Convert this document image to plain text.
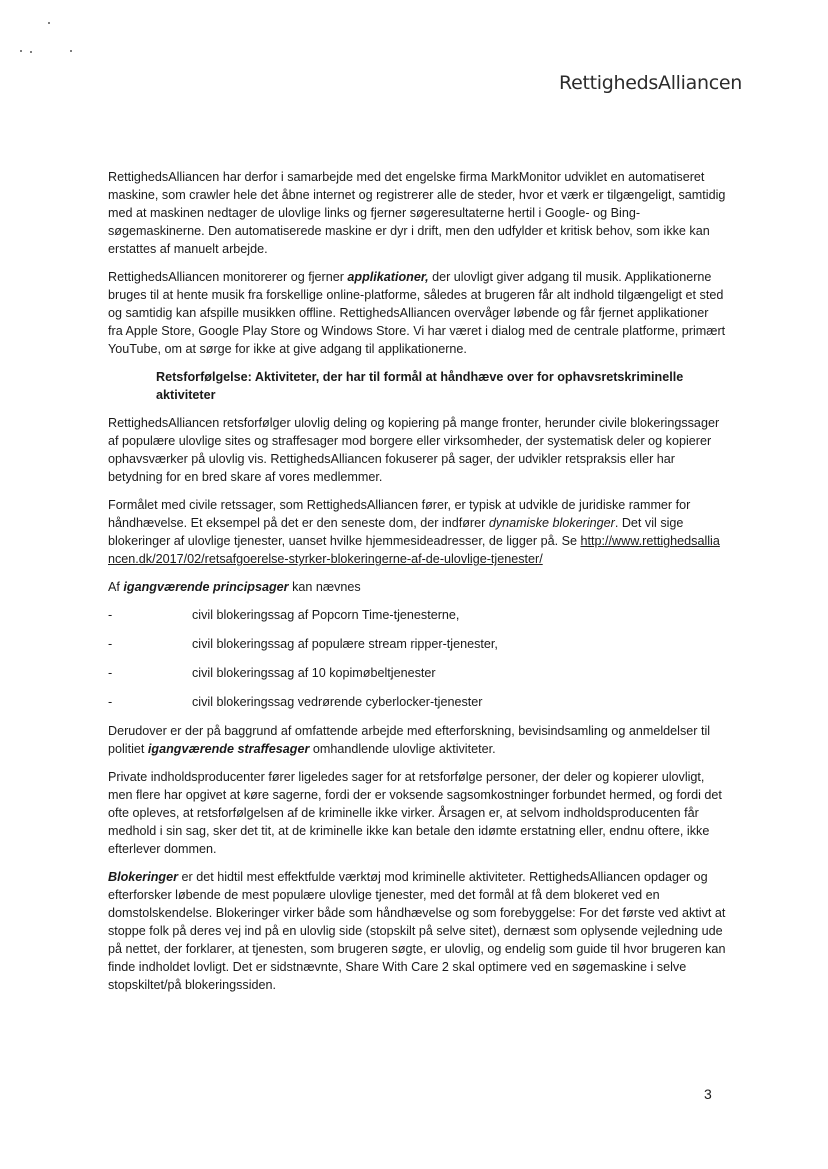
RettighedsAlliancen

RettighedsAlliancen har derfor i samarbejde med det engelske firma MarkMonitor udviklet en automatiseret maskine, som crawler hele det åbne internet og registrerer alle de steder, hvor et værk er tilgængeligt, samtidig med at maskinen nedtager de ulovlige links og fjerner søgeresultaterne hertil i Google- og Bing-søgemaskinerne. Den automatiserede maskine er dyr i drift, men den udfylder et kritisk behov, som ikke kan erstattes af manuelt arbejde.

RettighedsAlliancen monitorerer og fjerner applikationer, der ulovligt giver adgang til musik. Applikationerne bruges til at hente musik fra forskellige online-platforme, således at brugeren får alt indhold tilgængeligt et sted og samtidig kan afspille musikken offline. RettighedsAlliancen overvåger løbende og får fjernet applikationer fra Apple Store, Google Play Store og Windows Store. Vi har været i dialog med de centrale platforme, primært YouTube, om at sørge for ikke at give adgang til applikationerne.

Retsforfølgelse: Aktiviteter, der har til formål at håndhæve over for ophavsretskriminelle aktiviteter

RettighedsAlliancen retsforfølger ulovlig deling og kopiering på mange fronter, herunder civile blokeringssager af populære ulovlige sites og straffesager mod borgere eller virksomheder, der systematisk deler og kopierer ophavsværker på ulovlig vis. RettighedsAlliancen fokuserer på sager, der udvikler retspraksis eller har betydning for en bred skare af vores medlemmer.

Formålet med civile retssager, som RettighedsAlliancen fører, er typisk at udvikle de juridiske rammer for håndhævelse. Et eksempel på det er den seneste dom, der indfører dynamiske blokeringer. Det vil sige blokeringer af ulovlige tjenester, uanset hvilke hjemmesideadresser, de ligger på. Se http://www.rettighedsalliancen.dk/2017/02/retsafgoerelse-styrker-blokeringerne-af-de-ulovlige-tjenester/

Af igangværende principsager kan nævnes

-	civil blokeringssag af Popcorn Time-tjenesterne,
-	civil blokeringssag af populære stream ripper-tjenester,
-	civil blokeringssag af 10 kopimøbeltjenester
-	civil blokeringssag vedrørende cyberlocker-tjenester

Derudover er der på baggrund af omfattende arbejde med efterforskning, bevisindsamling og anmeldelser til politiet igangværende straffesager omhandlende ulovlige aktiviteter.

Private indholdsproducenter fører ligeledes sager for at retsforfølge personer, der deler og kopierer ulovligt, men flere har opgivet at køre sagerne, fordi der er voksende sagsomkostninger forbundet hermed, og fordi det ofte opleves, at retsforfølgelsen af de kriminelle ikke virker. Årsagen er, at selvom indholdsproducenten får medhold i sin sag, sker det tit, at de kriminelle ikke kan betale den idømte erstatning eller, endnu oftere, ikke efterlever dommen.

Blokeringer er det hidtil mest effektfulde værktøj mod kriminelle aktiviteter. RettighedsAlliancen opdager og efterforsker løbende de mest populære ulovlige tjenester, med det formål at få dem blokeret ved en domstolskendelse. Blokeringer virker både som håndhævelse og som forebyggelse: For det første ved aktivt at stoppe folk på deres vej ind på en ulovlig side (stopskilt på selve sitet), dernæst som oplysende vejledning ude på nettet, der forklarer, at tjenesten, som brugeren søgte, er ulovlig, og endelig som guide til hvor brugeren kan finde indholdet lovligt. Det er sidstnævnte, Share With Care 2 skal optimere ved en søgemaskine i selve stopskiltet/på blokeringssiden.

3
